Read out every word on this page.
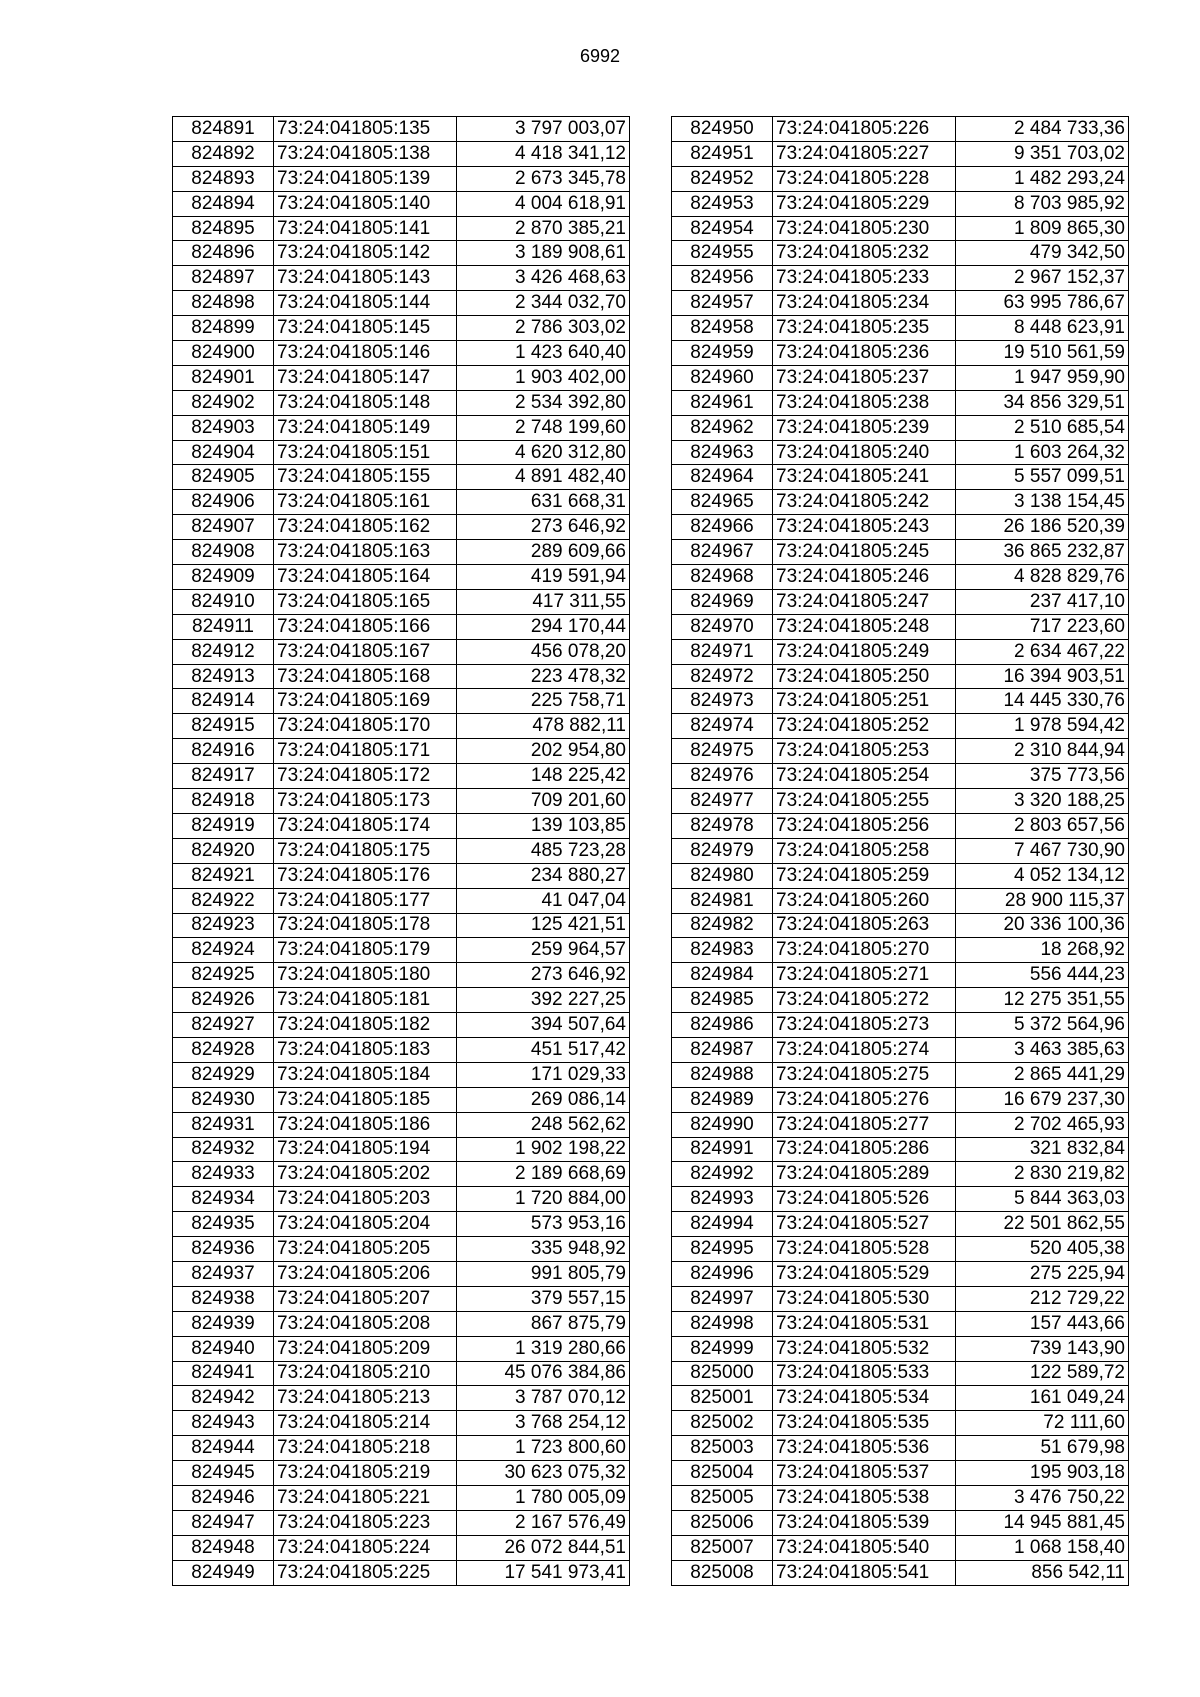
6992
824891	73:24:041805:135	3 797 003,07
824892	73:24:041805:138	4 418 341,12
824893	73:24:041805:139	2 673 345,78
824894	73:24:041805:140	4 004 618,91
824895	73:24:041805:141	2 870 385,21
824896	73:24:041805:142	3 189 908,61
824897	73:24:041805:143	3 426 468,63
824898	73:24:041805:144	2 344 032,70
824899	73:24:041805:145	2 786 303,02
824900	73:24:041805:146	1 423 640,40
824901	73:24:041805:147	1 903 402,00
824902	73:24:041805:148	2 534 392,80
824903	73:24:041805:149	2 748 199,60
824904	73:24:041805:151	4 620 312,80
824905	73:24:041805:155	4 891 482,40
824906	73:24:041805:161	631 668,31
824907	73:24:041805:162	273 646,92
824908	73:24:041805:163	289 609,66
824909	73:24:041805:164	419 591,94
824910	73:24:041805:165	417 311,55
824911	73:24:041805:166	294 170,44
824912	73:24:041805:167	456 078,20
824913	73:24:041805:168	223 478,32
824914	73:24:041805:169	225 758,71
824915	73:24:041805:170	478 882,11
824916	73:24:041805:171	202 954,80
824917	73:24:041805:172	148 225,42
824918	73:24:041805:173	709 201,60
824919	73:24:041805:174	139 103,85
824920	73:24:041805:175	485 723,28
824921	73:24:041805:176	234 880,27
824922	73:24:041805:177	41 047,04
824923	73:24:041805:178	125 421,51
824924	73:24:041805:179	259 964,57
824925	73:24:041805:180	273 646,92
824926	73:24:041805:181	392 227,25
824927	73:24:041805:182	394 507,64
824928	73:24:041805:183	451 517,42
824929	73:24:041805:184	171 029,33
824930	73:24:041805:185	269 086,14
824931	73:24:041805:186	248 562,62
824932	73:24:041805:194	1 902 198,22
824933	73:24:041805:202	2 189 668,69
824934	73:24:041805:203	1 720 884,00
824935	73:24:041805:204	573 953,16
824936	73:24:041805:205	335 948,92
824937	73:24:041805:206	991 805,79
824938	73:24:041805:207	379 557,15
824939	73:24:041805:208	867 875,79
824940	73:24:041805:209	1 319 280,66
824941	73:24:041805:210	45 076 384,86
824942	73:24:041805:213	3 787 070,12
824943	73:24:041805:214	3 768 254,12
824944	73:24:041805:218	1 723 800,60
824945	73:24:041805:219	30 623 075,32
824946	73:24:041805:221	1 780 005,09
824947	73:24:041805:223	2 167 576,49
824948	73:24:041805:224	26 072 844,51
824949	73:24:041805:225	17 541 973,41
824950	73:24:041805:226	2 484 733,36
824951	73:24:041805:227	9 351 703,02
824952	73:24:041805:228	1 482 293,24
824953	73:24:041805:229	8 703 985,92
824954	73:24:041805:230	1 809 865,30
824955	73:24:041805:232	479 342,50
824956	73:24:041805:233	2 967 152,37
824957	73:24:041805:234	63 995 786,67
824958	73:24:041805:235	8 448 623,91
824959	73:24:041805:236	19 510 561,59
824960	73:24:041805:237	1 947 959,90
824961	73:24:041805:238	34 856 329,51
824962	73:24:041805:239	2 510 685,54
824963	73:24:041805:240	1 603 264,32
824964	73:24:041805:241	5 557 099,51
824965	73:24:041805:242	3 138 154,45
824966	73:24:041805:243	26 186 520,39
824967	73:24:041805:245	36 865 232,87
824968	73:24:041805:246	4 828 829,76
824969	73:24:041805:247	237 417,10
824970	73:24:041805:248	717 223,60
824971	73:24:041805:249	2 634 467,22
824972	73:24:041805:250	16 394 903,51
824973	73:24:041805:251	14 445 330,76
824974	73:24:041805:252	1 978 594,42
824975	73:24:041805:253	2 310 844,94
824976	73:24:041805:254	375 773,56
824977	73:24:041805:255	3 320 188,25
824978	73:24:041805:256	2 803 657,56
824979	73:24:041805:258	7 467 730,90
824980	73:24:041805:259	4 052 134,12
824981	73:24:041805:260	28 900 115,37
824982	73:24:041805:263	20 336 100,36
824983	73:24:041805:270	18 268,92
824984	73:24:041805:271	556 444,23
824985	73:24:041805:272	12 275 351,55
824986	73:24:041805:273	5 372 564,96
824987	73:24:041805:274	3 463 385,63
824988	73:24:041805:275	2 865 441,29
824989	73:24:041805:276	16 679 237,30
824990	73:24:041805:277	2 702 465,93
824991	73:24:041805:286	321 832,84
824992	73:24:041805:289	2 830 219,82
824993	73:24:041805:526	5 844 363,03
824994	73:24:041805:527	22 501 862,55
824995	73:24:041805:528	520 405,38
824996	73:24:041805:529	275 225,94
824997	73:24:041805:530	212 729,22
824998	73:24:041805:531	157 443,66
824999	73:24:041805:532	739 143,90
825000	73:24:041805:533	122 589,72
825001	73:24:041805:534	161 049,24
825002	73:24:041805:535	72 111,60
825003	73:24:041805:536	51 679,98
825004	73:24:041805:537	195 903,18
825005	73:24:041805:538	3 476 750,22
825006	73:24:041805:539	14 945 881,45
825007	73:24:041805:540	1 068 158,40
825008	73:24:041805:541	856 542,11
